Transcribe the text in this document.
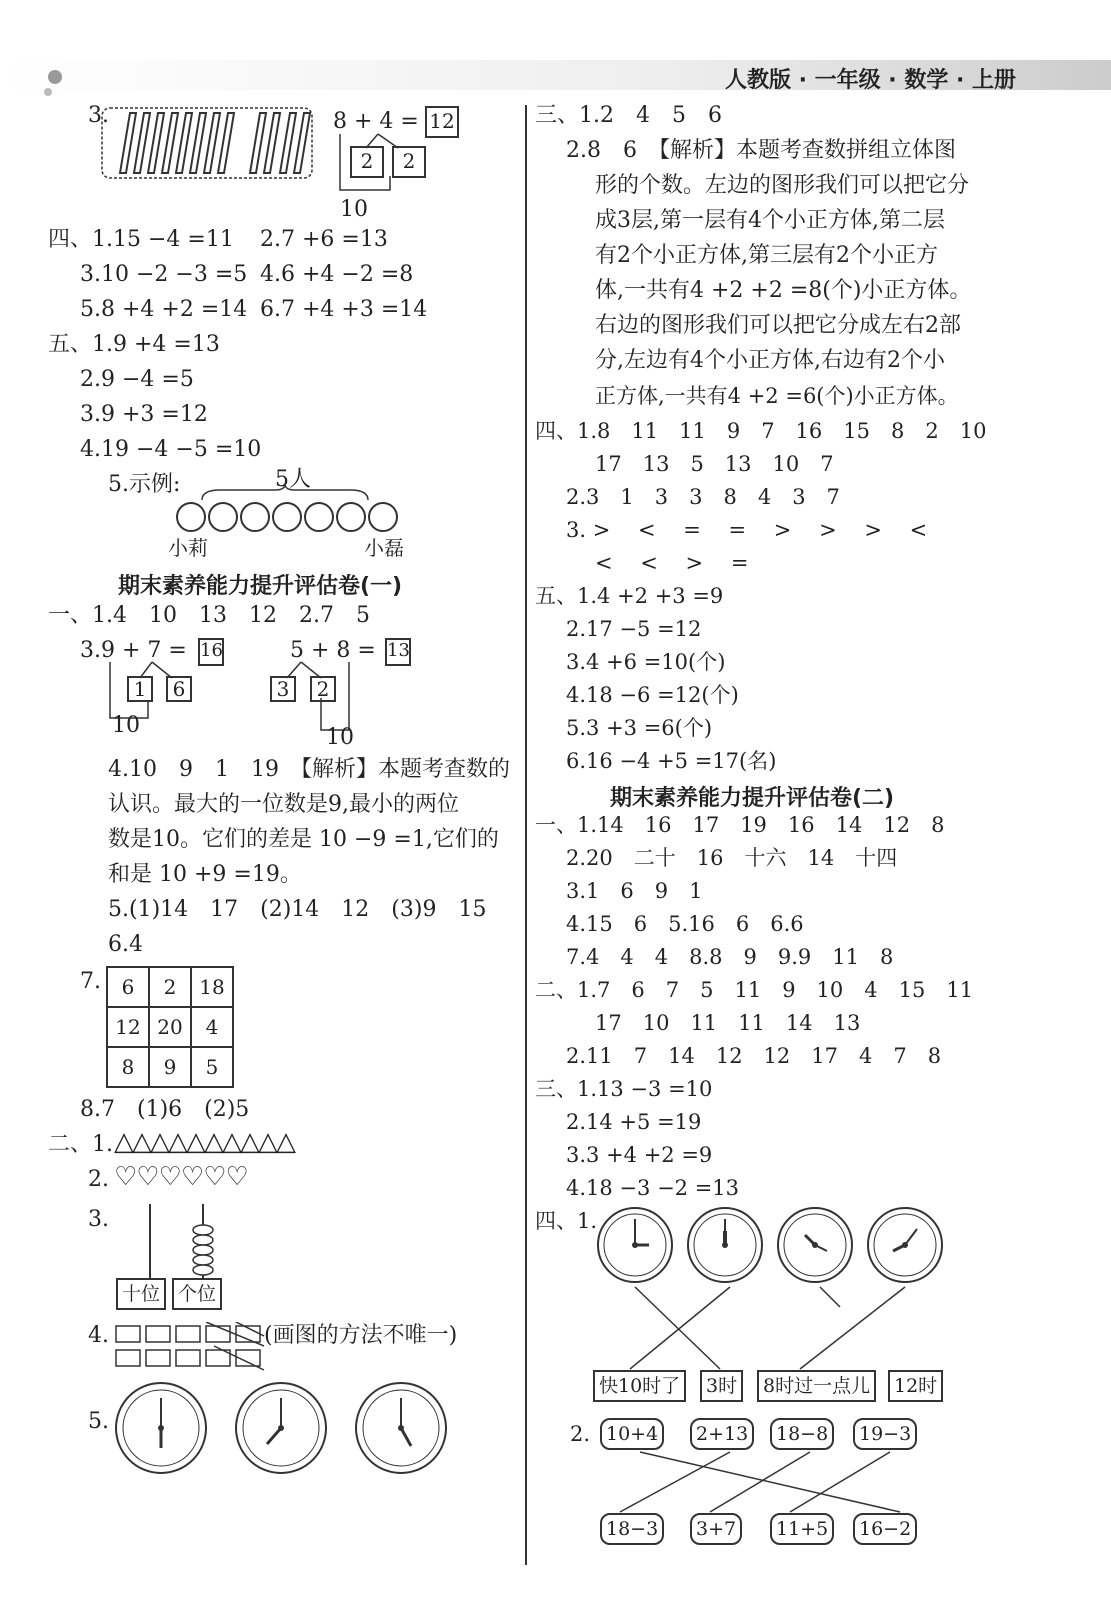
人教版 · 一年级 · 数学 · 上册
3.	8 + 4 = 12
2	2
10
四、1.15 −4 =11 2.7 +6 =13
3.10 −2 −3 =5 4.6 +4 −2 =8
5.8 +4 +2 =14 6.7 +4 +3 =14
五、1.9 +4 =13
2.9 −4 =5
3.9 +3 =12
4.19 −4 −5 =10
5.示例:	5人
小莉	小磊
期末素养能力提升评估卷(一)
一、1.4　10　13　12　2.7　5
3.9 + 7 = 16
1	6
10
5 + 8 = 13
3	2
10
4.10　9　1　19　【解析】本题考查数的
认识。最大的一位数是9,最小的两位
数是10。它们的差是 10 −9 =1,它们的
和是 10 +9 =19。
5.(1)14　17　(2)14　12　(3)9　15
6.4
7. 6	2	18
12	20	4
8	9	5
8.7　(1)6　(2)5
二、1. △△△△△△△△△△
2. ♡♡♡♡♡♡
3.
十位 个位
4.	(画图的方法不唯一)
5.
三、1.2　4　5　6
2.8　6　【解析】本题考查数拼组立体图
形的个数。左边的图形我们可以把它分
成3层,第一层有4个小正方体,第二层
有2个小正方体,第三层有2个小正方
体,一共有4 +2 +2 =8(个)小正方体。
右边的图形我们可以把它分成左右2部
分,左边有4个小正方体,右边有2个小
正方体,一共有4 +2 =6(个)小正方体。
四、1.8　11　11　9　7　16　15　8　2　10
17　13　5　13　10　7
2.3　1　3　3　8　4　3　7
3. >　 <　 =　 =　 >　 >　 >　 <
<　 <　 >　 =
五、1.4 +2 +3 =9
2.17 −5 =12
3.4 +6 =10(个)
4.18 −6 =12(个)
5.3 +3 =6(个)
6.16 −4 +5 =17(名)
期末素养能力提升评估卷(二)
一、1.14　16　17　19　16　14　12　8
2.20　二十　16　十六　14　十四
3.1　6　9　1
4.15　6　5.16　6　6.6
7.4　4　4　8.8　9　9.9　11　8
二、1.7　6　7　5　11　9　10　4　15　11
17　10　11　11　14　13
2.11　7　14　12　12　17　4　7　8
三、1.13 −3 =10
2.14 +5 =19
3.3 +4 +2 =9
4.18 −3 −2 =13
四、1.
快10时了	3时	8时过一点儿	12时
2. 10+4	2+13	18−8	19−3
18−3	3+7	11+5	16−2
